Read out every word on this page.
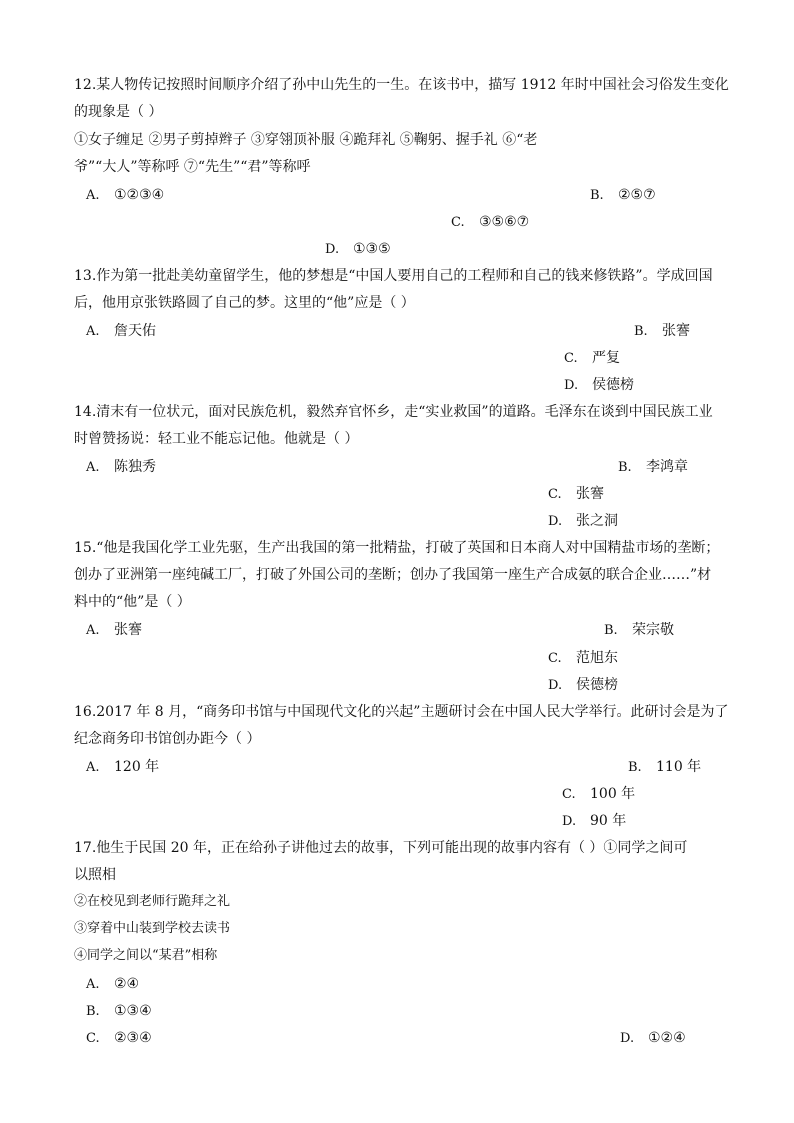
12.某人物传记按照时间顺序介绍了孙中山先生的一生。在该书中，描写 1912 年时中国社会习俗发生变化
的现象是（ ）
①女子缠足 ②男子剪掉辫子 ③穿翎顶补服 ④跪拜礼 ⑤鞠躬、握手礼 ⑥“老
爷”“大人”等称呼 ⑦“先生”“君”等称呼
A. ①②③④	B. ②⑤⑦
C. ③⑤⑥⑦
D. ①③⑤
13.作为第一批赴美幼童留学生，他的梦想是“中国人要用自己的工程师和自己的钱来修铁路”。学成回国
后，他用京张铁路圆了自己的梦。这里的“他”应是（ ）
A. 詹天佑	B. 张謇
C. 严复
D. 侯德榜
14.清末有一位状元，面对民族危机，毅然弃官怀乡，走“实业救国”的道路。毛泽东在谈到中国民族工业
时曾赞扬说：轻工业不能忘记他。他就是（ ）
A. 陈独秀	B. 李鸿章
C. 张謇
D. 张之洞
15.“他是我国化学工业先驱，生产出我国的第一批精盐，打破了英国和日本商人对中国精盐市场的垄断；
创办了亚洲第一座纯碱工厂，打破了外国公司的垄断；创办了我国第一座生产合成氨的联合企业……”材
料中的“他”是（ ）
A. 张謇	B. 荣宗敬
C. 范旭东
D. 侯德榜
16.2017 年 8 月，“商务印书馆与中国现代文化的兴起”主题研讨会在中国人民大学举行。此研讨会是为了
纪念商务印书馆创办距今（ ）
A. 120 年	B. 110 年
C. 100 年
D. 90 年
17.他生于民国 20 年，正在给孙子讲他过去的故事，下列可能出现的故事内容有（ ）①同学之间可
以照相
②在校见到老师行跪拜之礼
③穿着中山装到学校去读书
④同学之间以“某君”相称
A. ②④
B. ①③④
C. ②③④	D. ①②④
